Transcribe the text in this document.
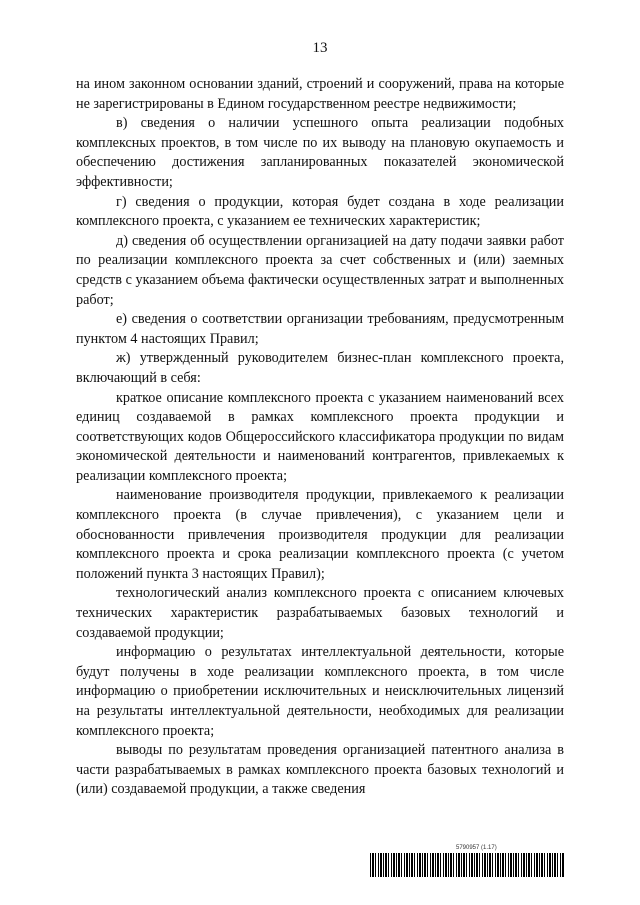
13

на ином законном основании зданий, строений и сооружений, права на которые не зарегистрированы в Едином государственном реестре недвижимости;

в) сведения о наличии успешного опыта реализации подобных комплексных проектов, в том числе по их выводу на плановую окупаемость и обеспечению достижения запланированных показателей экономической эффективности;

г) сведения о продукции, которая будет создана в ходе реализации комплексного проекта, с указанием ее технических характеристик;

д) сведения об осуществлении организацией на дату подачи заявки работ по реализации комплексного проекта за счет собственных и (или) заемных средств с указанием объема фактически осуществленных затрат и выполненных работ;

е) сведения о соответствии организации требованиям, предусмотренным пунктом 4 настоящих Правил;

ж) утвержденный руководителем бизнес-план комплексного проекта, включающий в себя:

краткое описание комплексного проекта с указанием наименований всех единиц создаваемой в рамках комплексного проекта продукции и соответствующих кодов Общероссийского классификатора продукции по видам экономической деятельности и наименований контрагентов, привлекаемых к реализации комплексного проекта;

наименование производителя продукции, привлекаемого к реализации комплексного проекта (в случае привлечения), с указанием цели и обоснованности привлечения производителя продукции для реализации комплексного проекта и срока реализации комплексного проекта (с учетом положений пункта 3 настоящих Правил);

технологический анализ комплексного проекта с описанием ключевых технических характеристик разрабатываемых базовых технологий и создаваемой продукции;

информацию о результатах интеллектуальной деятельности, которые будут получены в ходе реализации комплексного проекта, в том числе информацию о приобретении исключительных и неисключительных лицензий на результаты интеллектуальной деятельности, необходимых для реализации комплексного проекта;

выводы по результатам проведения организацией патентного анализа в части разрабатываемых в рамках комплексного проекта базовых технологий и (или) создаваемой продукции, а также сведения

5790957 (1.17)
